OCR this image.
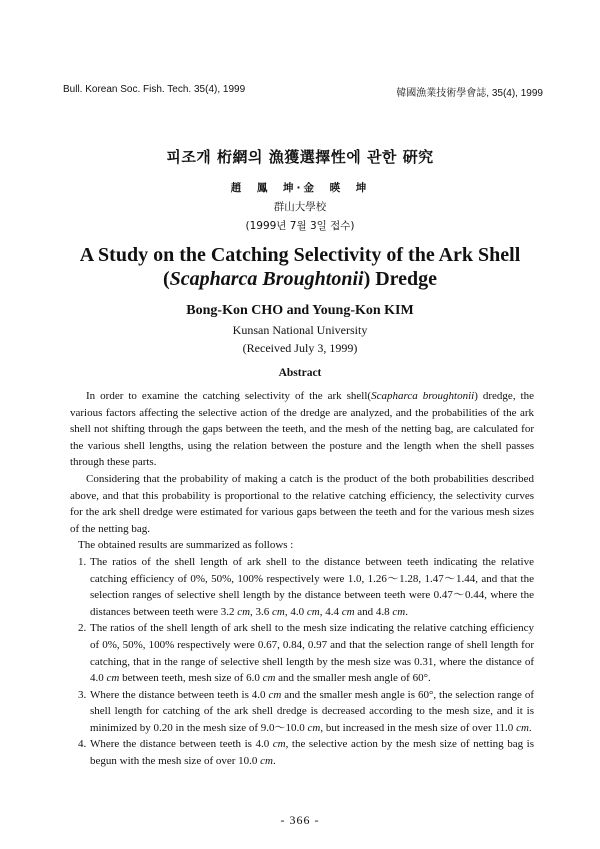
Bull. Korean Soc. Fish. Tech. 35(4), 1999	韓國漁業技術學會誌, 35(4), 1999
피조개 桁網의 漁獲選擇性에 관한 硏究
趙 鳳 坤·金 暎 坤
群山大學校
(1999년 7월 3일 접수)
A Study on the Catching Selectivity of the Ark Shell
(Scapharca Broughtonii) Dredge
Bong-Kon CHO and Young-Kon KIM
Kunsan National University
(Received July 3, 1999)
Abstract

In order to examine the catching selectivity of the ark shell(Scapharca broughtonii) dredge, the various factors affecting the selective action of the dredge are analyzed, and the probabilities of the ark shell not shifting through the gaps between the teeth, and the mesh of the netting bag, are calculated for the various shell lengths, using the relation between the posture and the length when the shell passes through these parts.

Considering that the probability of making a catch is the product of the both probabilities described above, and that this probability is proportional to the relative catching efficiency, the selectivity curves for the ark shell dredge were estimated for various gaps between the teeth and for the various mesh sizes of the netting bag.

The obtained results are summarized as follows :

1. The ratios of the shell length of ark shell to the distance between teeth indicating the relative catching efficiency of 0%, 50%, 100% respectively were 1.0, 1.26～1.28, 1.47～1.44, and that the selection ranges of selective shell length by the distance between teeth were 0.47～0.44, where the distances between teeth were 3.2 cm, 3.6 cm, 4.0 cm, 4.4 cm and 4.8 cm.
2. The ratios of the shell length of ark shell to the mesh size indicating the relative catching efficiency of 0%, 50%, 100% respectively were 0.67, 0.84, 0.97 and that the selection range of shell length for catching, that in the range of selective shell length by the mesh size was 0.31, where the distance of 4.0 cm between teeth, mesh size of 6.0 cm and the smaller mesh angle of 60°.
3. Where the distance between teeth is 4.0 cm and the smaller mesh angle is 60°, the selection range of shell length for catching of the ark shell dredge is decreased according to the mesh size, and it is minimized by 0.20 in the mesh size of 9.0～10.0 cm, but increased in the mesh size of over 11.0 cm.
4. Where the distance between teeth is 4.0 cm, the selective action by the mesh size of netting bag is begun with the mesh size of over 10.0 cm.
- 366 -
